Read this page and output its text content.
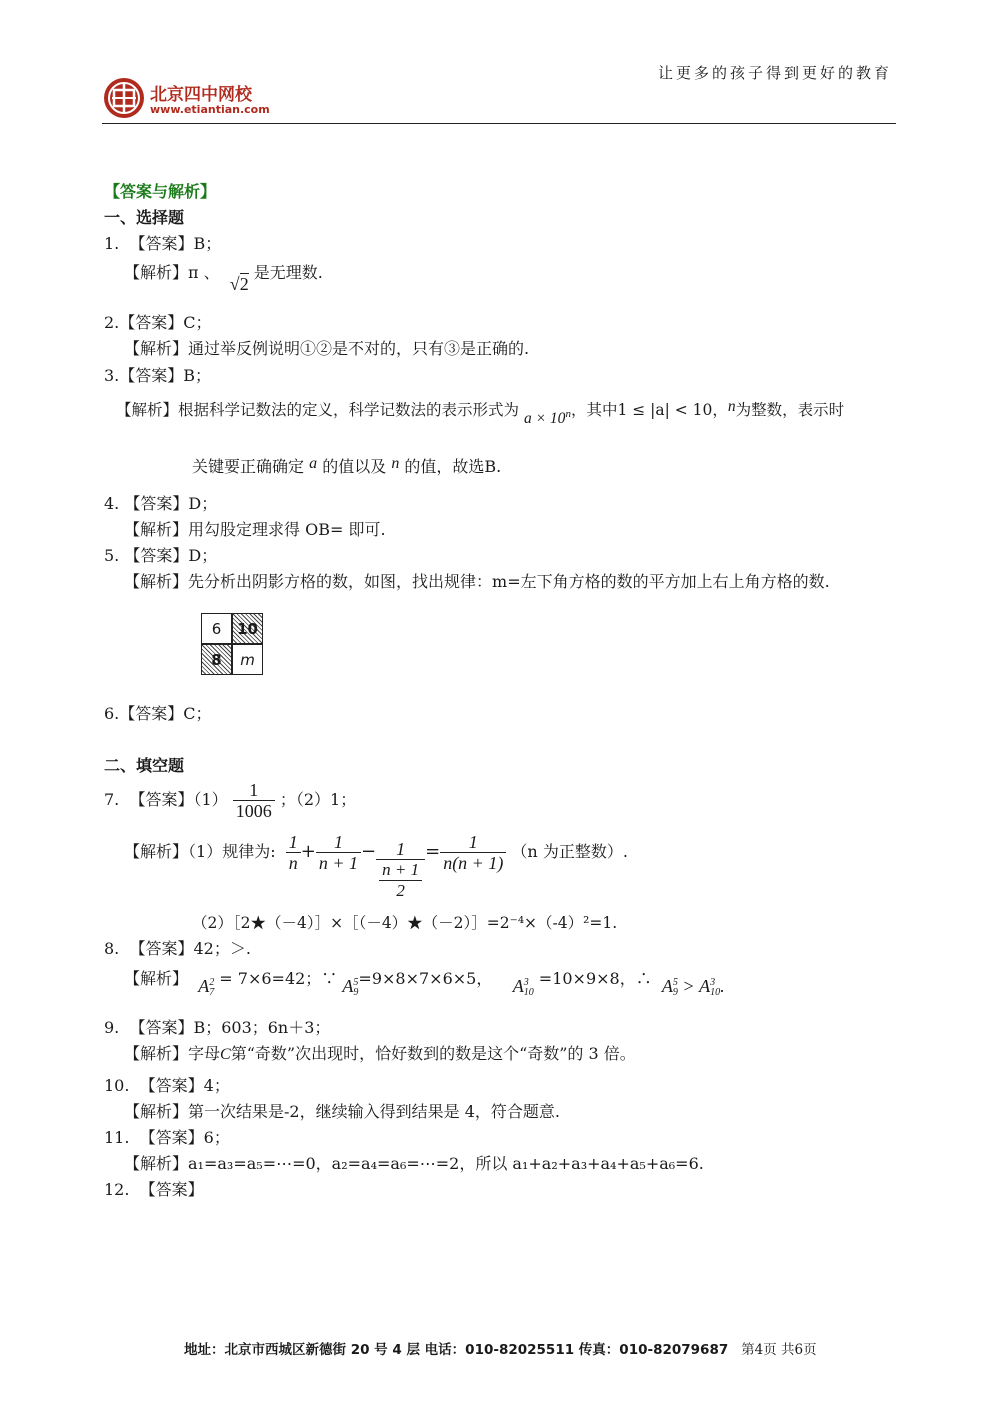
让更多的孩子得到更好的教育
北京四中网校
www.etiantian.com
【答案与解析】
一、选择题
1. 【答案】B；
【解析】π 、  √2 是无理数.
2.【答案】C；
【解析】通过举反例说明①②是不对的，只有③是正确的.
3.【答案】B；
【解析】根据科学记数法的定义，科学记数法的表示形式为 $a \times 10^n$，其中1 ≤ |a| < 10，n为整数，表示时
关键要正确确定 a 的值以及 n 的值，故选B.
4. 【答案】D；
【解析】用勾股定理求得 OB= 即可.
5. 【答案】D；
【解析】先分析出阴影方格的数，如图，找出规律：m=左下角方格的数的平方加上右上角方格的数.
6	10
8	m
6.【答案】C；
二、填空题
7. 【答案】$(1) \frac{1}{1006}$ ；（2）1；
【解析】（1）规律为: $\frac{1}{n} + \frac{1}{n + 1} - \frac{1}{\frac{n + 1}{2}} = \frac{1}{n(n + 1)} (n$ 为正整数）.
（2）［2★（－4）］×［（－4）★（－2）］=2⁻⁴×（-4）²=1.
8. 【答案】42；＞.
【解析】 A2
7 = 7×6=42；∵ A5
9=9×8×7×6×5， A3
10 =10×9×8，∴ A5
9 > A3
10.
9. 【答案】B；603；6n＋3；
【解析】字母C第“奇数”次出现时，恰好数到的数是这个“奇数”的 3 倍。
10. 【答案】4；
【解析】第一次结果是-2，继续输入得到结果是 4，符合题意.
11. 【答案】6；
【解析】a₁=a₃=a₅=⋯=0，a₂=a₄=a₆=⋯=2，所以 a₁+a₂+a₃+a₄+a₅+a₆=6.
12. 【答案】
地址：北京市西城区新德街 20 号 4 层 电话：010-82025511 传真：010-82079687 第4页 共6页
